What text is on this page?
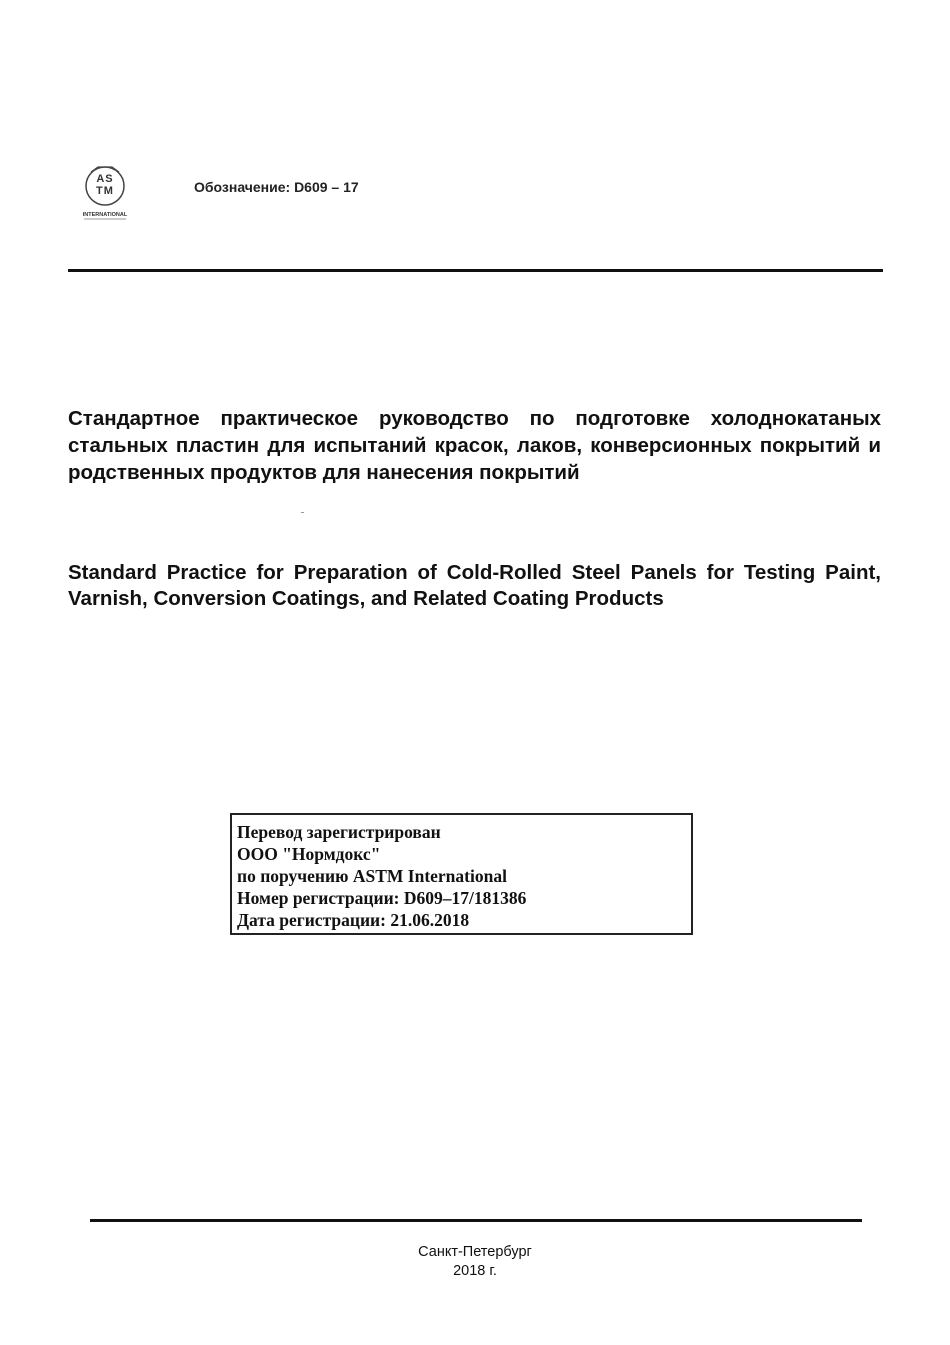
AS
TM
INTERNATIONAL
Обозначение: D609 – 17

Стандартное практическое руководство по подготовке холоднокатаных стальных пластин для испытаний красок, лаков, конверсионных покрытий и родственных продуктов для нанесения покрытий

Standard Practice for Preparation of Cold-Rolled Steel Panels for Testing Paint, Varnish, Conversion Coatings, and Related Coating Products

Перевод зарегистрирован
ООО "Нормдокс"
по поручению ASTM International
Номер регистрации: D609–17/181386
Дата регистрации: 21.06.2018
Санкт-Петербург
2018 г.
